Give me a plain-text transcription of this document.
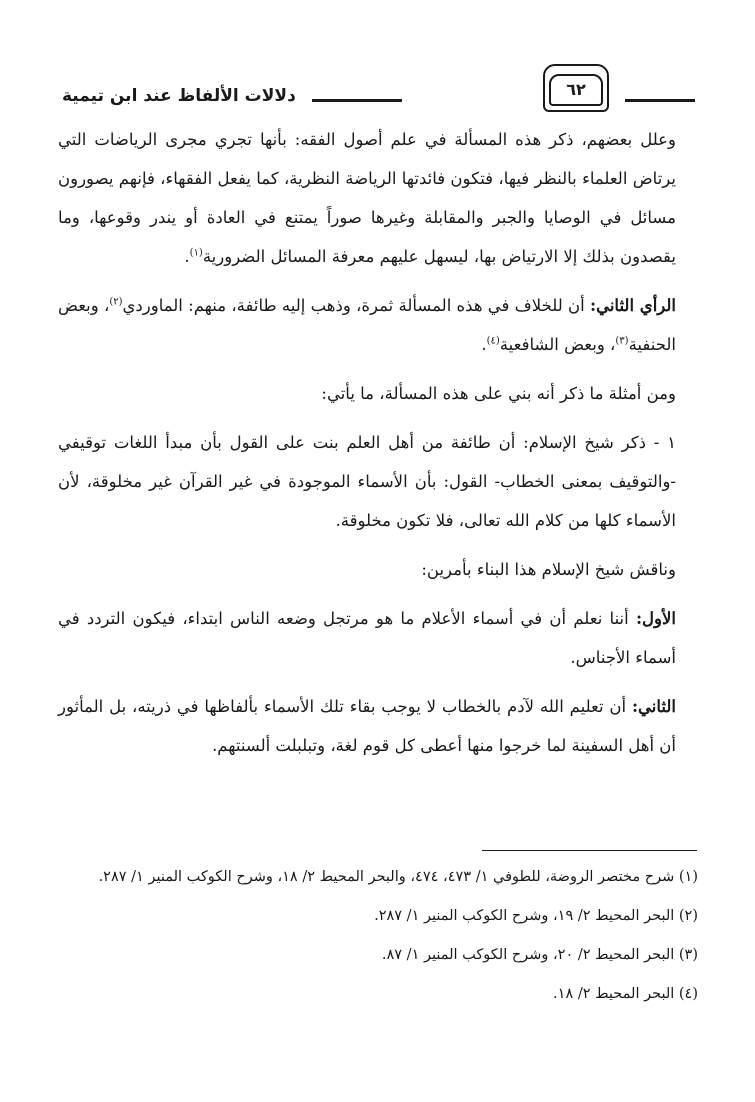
٦٢
دلالات الألفاظ عند ابن تيمية

وعلل بعضهم، ذكر هذه المسألة في علم أصول الفقه: بأنها تجري مجرى الرياضات التي يرتاض العلماء بالنظر فيها، فتكون فائدتها الرياضة النظرية، كما يفعل الفقهاء، فإنهم يصورون مسائل في الوصايا والجبر والمقابلة وغيرها صوراً يمتنع في العادة أو يندر وقوعها، وما يقصدون بذلك إلا الارتياض بها، ليسهل عليهم معرفة المسائل الضرورية$^{(١)}$.

الرأي الثاني: أن للخلاف في هذه المسألة ثمرة، وذهب إليه طائفة، منهم: الماوردي$^{(٢)}$، وبعض الحنفية$^{(٣)}$، وبعض الشافعية$^{(٤)}$.

ومن أمثلة ما ذكر أنه بني على هذه المسألة، ما يأتي:

١ - ذكر شيخ الإسلام: أن طائفة من أهل العلم بنت على القول بأن مبدأ اللغات توقيفي -والتوقيف بمعنى الخطاب- القول: بأن الأسماء الموجودة في غير القرآن غير مخلوقة، لأن الأسماء كلها من كلام الله تعالى، فلا تكون مخلوقة.

وناقش شيخ الإسلام هذا البناء بأمرين:

الأول: أننا نعلم أن في أسماء الأعلام ما هو مرتجل وضعه الناس ابتداء، فيكون التردد في أسماء الأجناس.

الثاني: أن تعليم الله لآدم بالخطاب لا يوجب بقاء تلك الأسماء بألفاظها في ذريته، بل المأثور أن أهل السفينة لما خرجوا منها أعطى كل قوم لغة، وتبلبلت ألسنتهم.

(١) شرح مختصر الروضة، للطوفي ١/ ٤٧٣، ٤٧٤، والبحر المحيط ٢/ ١٨، وشرح الكوكب المنير ١/ ٢٨٧.

(٢) البحر المحيط ٢/ ١٩، وشرح الكوكب المنير ١/ ٢٨٧.

(٣) البحر المحيط ٢/ ٢٠، وشرح الكوكب المنير ١/ ٨٧.

(٤) البحر المحيط ٢/ ١٨.
